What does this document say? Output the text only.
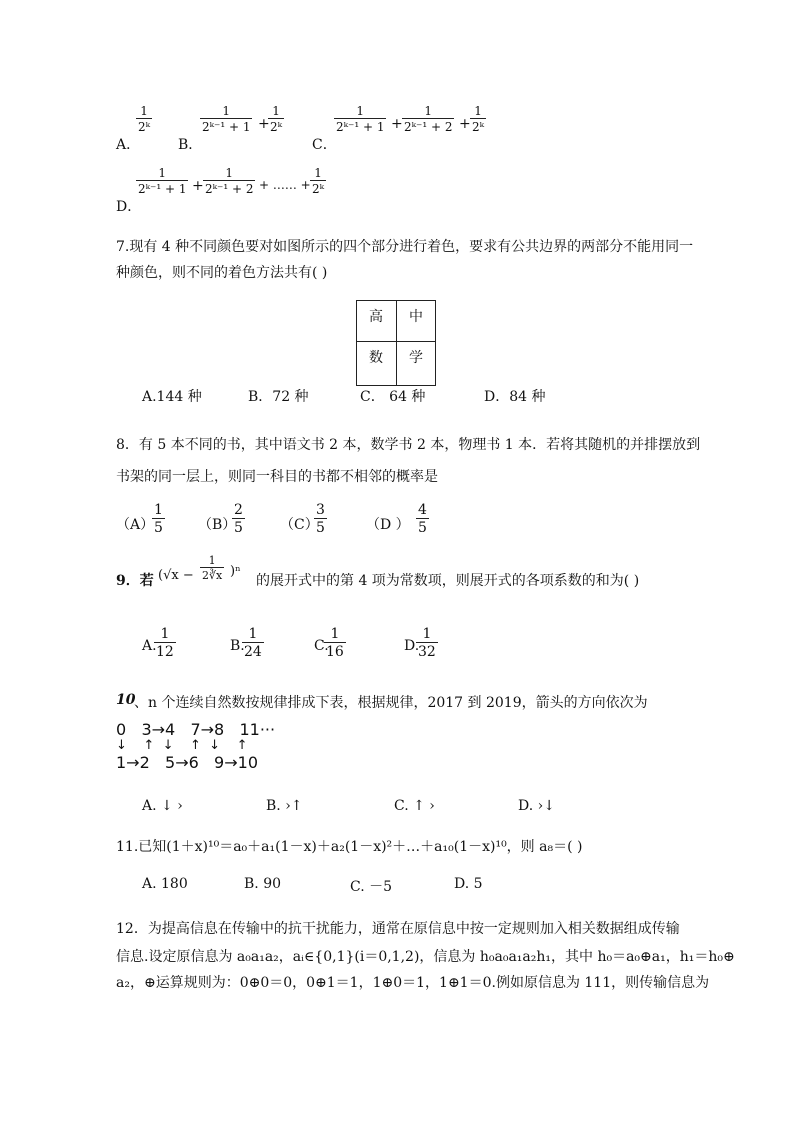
A．
$\frac{1}{\text{2ᵏ}}$
B．
$\frac{1}{\text{2ᵏ⁻¹ + 1}}$ +
$\frac{1}{\text{2ᵏ}}$
C．
$\frac{1}{\text{2ᵏ⁻¹ + 1}} + \frac{1}{\text{2ᵏ⁻¹ + 2}} + \frac{1}{\text{2ᵏ}}$
D．
$\frac{1}{\text{2ᵏ⁻¹ + 1}} + \frac{1}{\text{2ᵏ⁻¹ + 2}}$ + …… + $\frac{1}{\text{2ᵏ}}$
7.现有 4 种不同颜色要对如图所示的四个部分进行着色，要求有公共边界的两部分不能用同一
种颜色，则不同的着色方法共有( )
高 中
数 学
A.144 种	B．72 种	C． 64 种	D．84 种
8．有 5 本不同的书，其中语文书 2 本，数学书 2 本，物理书 1 本．若将其随机的并排摆放到
书架的同一层上，则同一科目的书都不相邻的概率是
（A）
$\frac{1}{5} (B)$
$\frac{2}{5}$	（C）
$\frac{3}{5}$	（D ） $\frac{4}{5}$
9．若 $(√x - \frac{1}{2∛x} )^n$
的展开式中的第 4 项为常数项，则展开式的各项系数的和为( )
A.
$\frac{1}{12}$	B.
$\frac{1}{24}$	C.
$\frac{1}{16}$	D.
$\frac{1}{32}$
10
、n 个连续自然数按规律排成下表，根据规律，2017 到 2019，箭头的方向依次为
0   3→4   7→8   11···
↓    ↑  ↓    ↑  ↓    ↑
1→2   5→6   9→10
A. ↓ ›	B. ›↑	C. ↑ ›	D. ›↓
11.已知(1＋x)¹⁰＝a₀＋a₁(1－x)＋a₂(1－x)²＋…＋a₁₀(1－x)¹⁰，则 a₈＝( )
A. 180	B. 90	C. －5	D. 5
12．为提高信息在传输中的抗干扰能力，通常在原信息中按一定规则加入相关数据组成传输
信息.设定原信息为 a₀a₁a₂，aᵢ∈{0,1}(i＝0,1,2)，信息为 h₀a₀a₁a₂h₁，其中 h₀＝a₀⊕a₁，h₁＝h₀⊕
a₂，⊕运算规则为：0⊕0＝0，0⊕1＝1，1⊕0＝1，1⊕1＝0.例如原信息为 111，则传输信息为
